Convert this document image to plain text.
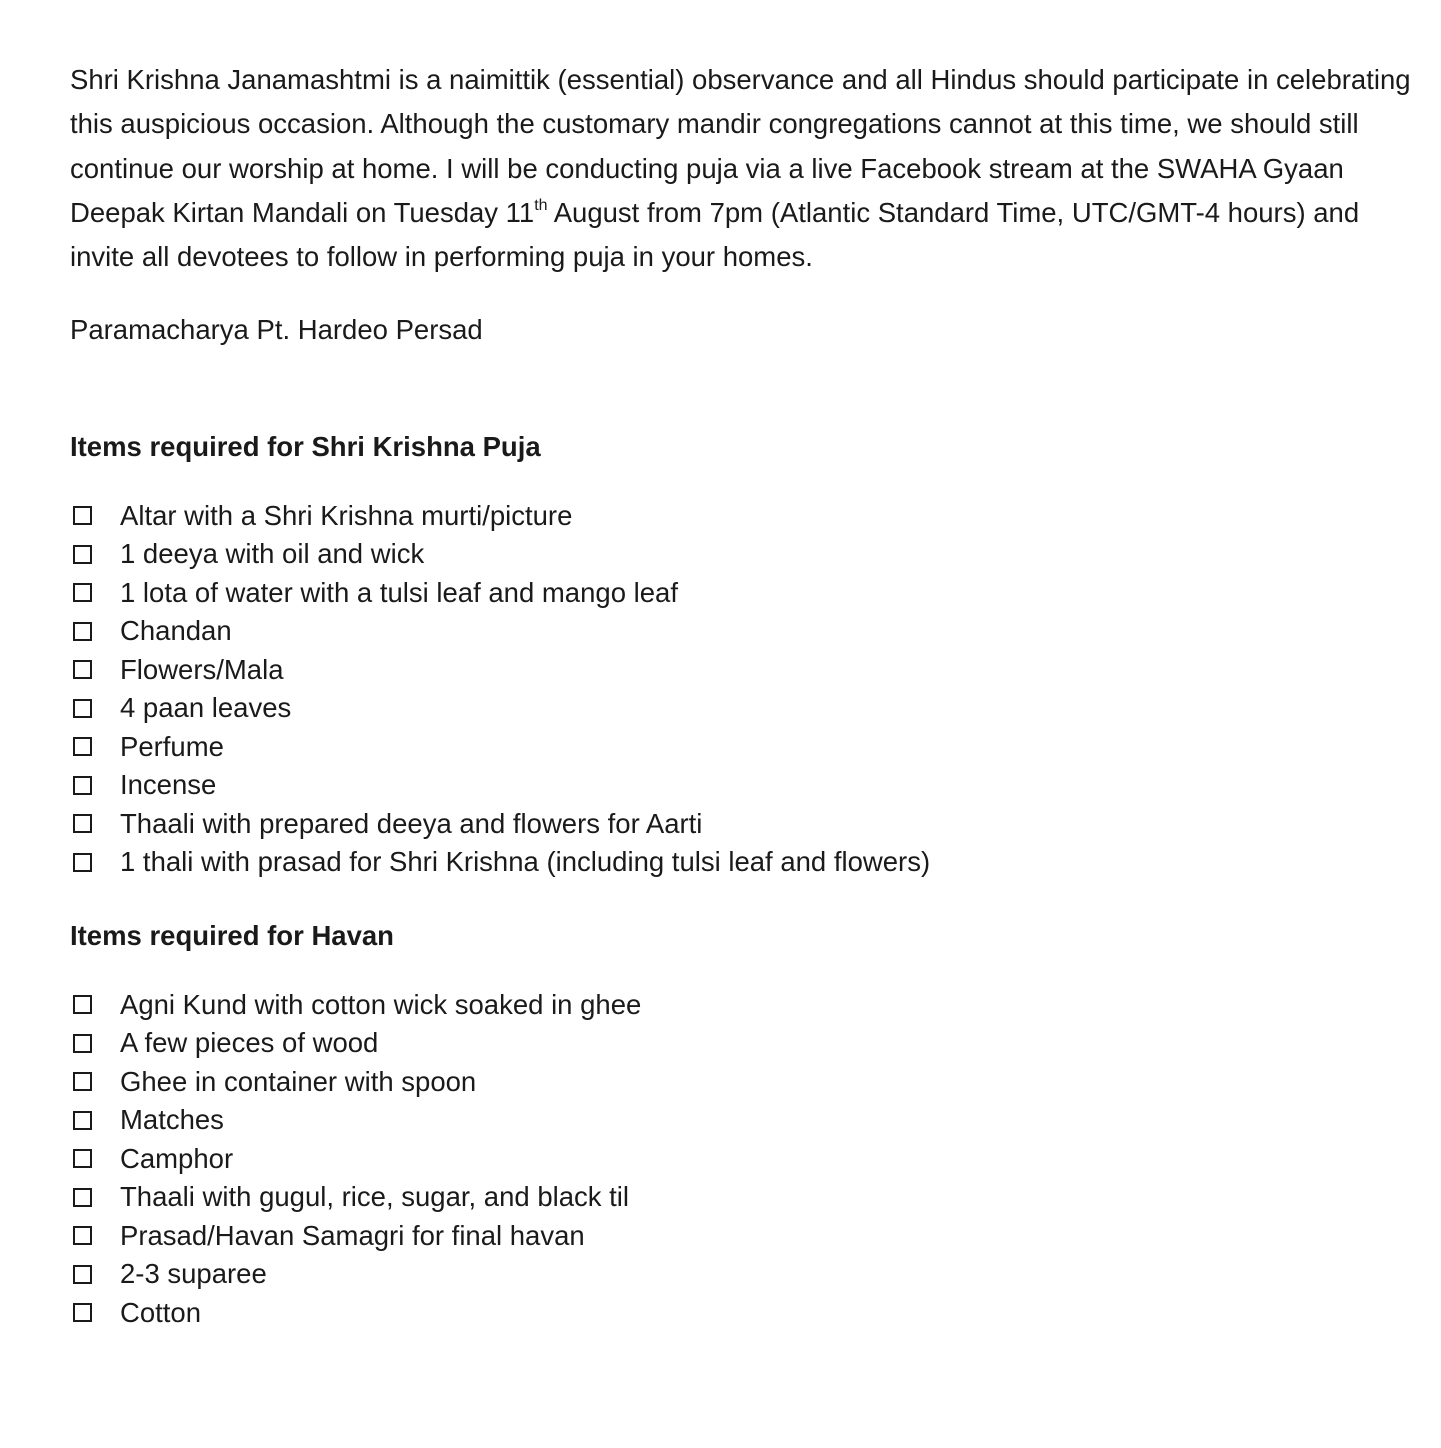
Shri Krishna Janamashtmi is a naimittik (essential) observance and all Hindus should participate in celebrating this auspicious occasion. Although the customary mandir congregations cannot at this time, we should still continue our worship at home. I will be conducting puja via a live Facebook stream at the SWAHA Gyaan Deepak Kirtan Mandali on Tuesday 11th August from 7pm (Atlantic Standard Time, UTC/GMT-4 hours) and invite all devotees to follow in performing puja in your homes.

Paramacharya Pt. Hardeo Persad

Items required for Shri Krishna Puja
Altar with a Shri Krishna murti/picture
1 deeya with oil and wick
1 lota of water with a tulsi leaf and mango leaf
Chandan
Flowers/Mala
4 paan leaves
Perfume
Incense
Thaali with prepared deeya and flowers for Aarti
1 thali with prasad for Shri Krishna (including tulsi leaf and flowers)
Items required for Havan
Agni Kund with cotton wick soaked in ghee
A few pieces of wood
Ghee in container with spoon
Matches
Camphor
Thaali with gugul, rice, sugar, and black til
Prasad/Havan Samagri for final havan
2-3 suparee
Cotton
